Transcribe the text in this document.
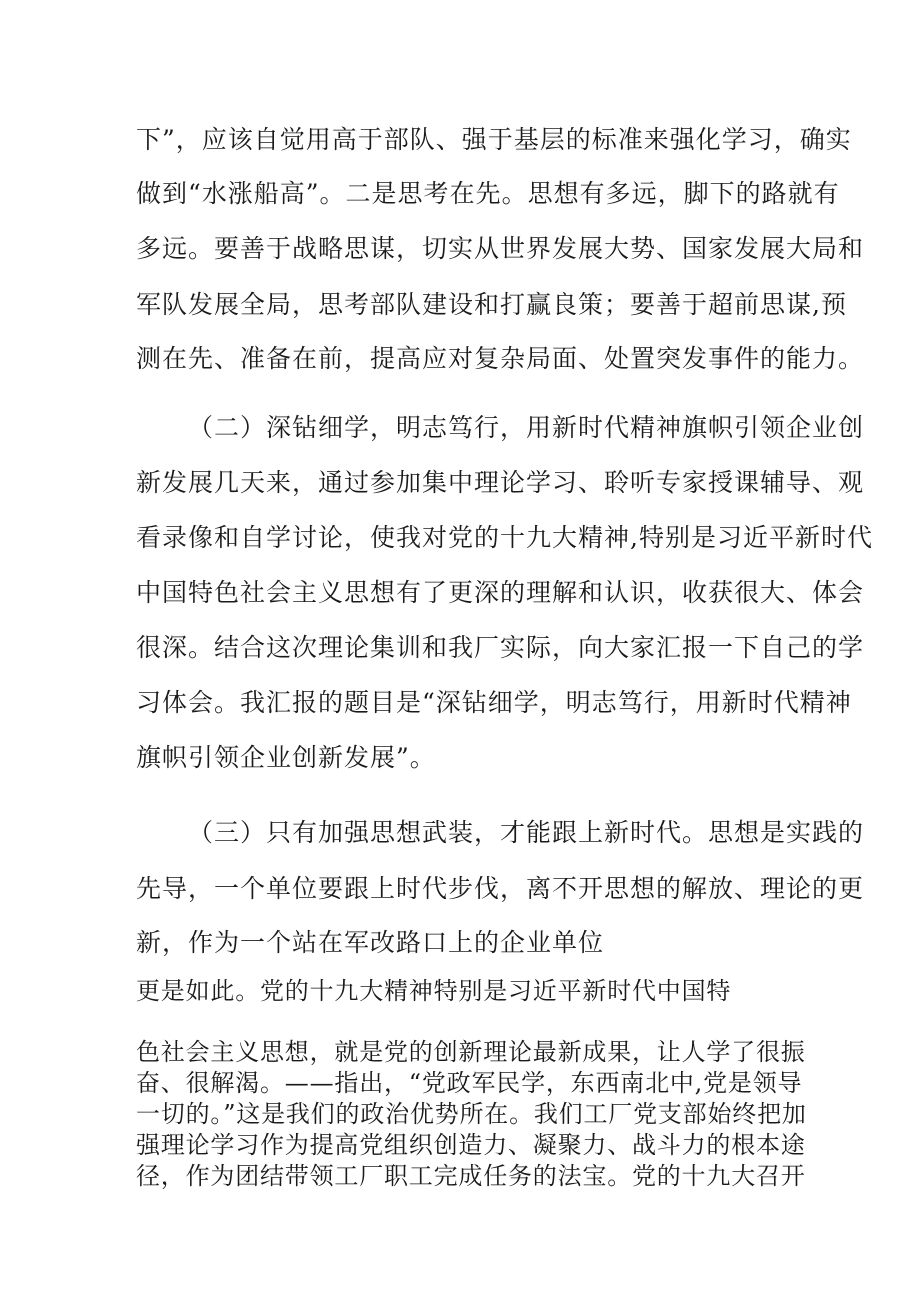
下”，应该自觉用高于部队、强于基层的标准来强化学习，确实
做到“水涨船高”。二是思考在先。思想有多远，脚下的路就有
多远。要善于战略思谋，切实从世界发展大势、国家发展大局和
军队发展全局，思考部队建设和打赢良策；要善于超前思谋,预
测在先、准备在前，提高应对复杂局面、处置突发事件的能力。
（二）深钻细学，明志笃行，用新时代精神旗帜引领企业创
新发展几天来，通过参加集中理论学习、聆听专家授课辅导、观
看录像和自学讨论，使我对党的十九大精神,特别是习近平新时代
中国特色社会主义思想有了更深的理解和认识，收获很大、体会
很深。结合这次理论集训和我厂实际，向大家汇报一下自己的学
习体会。我汇报的题目是“深钻细学，明志笃行，用新时代精神
旗帜引领企业创新发展”。
（三）只有加强思想武装，才能跟上新时代。思想是实践的
先导，一个单位要跟上时代步伐，离不开思想的解放、理论的更
新，作为一个站在军改路口上的企业单位
更是如此。党的十九大精神特别是习近平新时代中国特
色社会主义思想，就是党的创新理论最新成果，让人学了很振
奋、很解渴。——指出，“党政军民学，东西南北中,党是领导
一切的。”这是我们的政治优势所在。我们工厂党支部始终把加
强理论学习作为提高党组织创造力、凝聚力、战斗力的根本途
径，作为团结带领工厂职工完成任务的法宝。党的十九大召开
